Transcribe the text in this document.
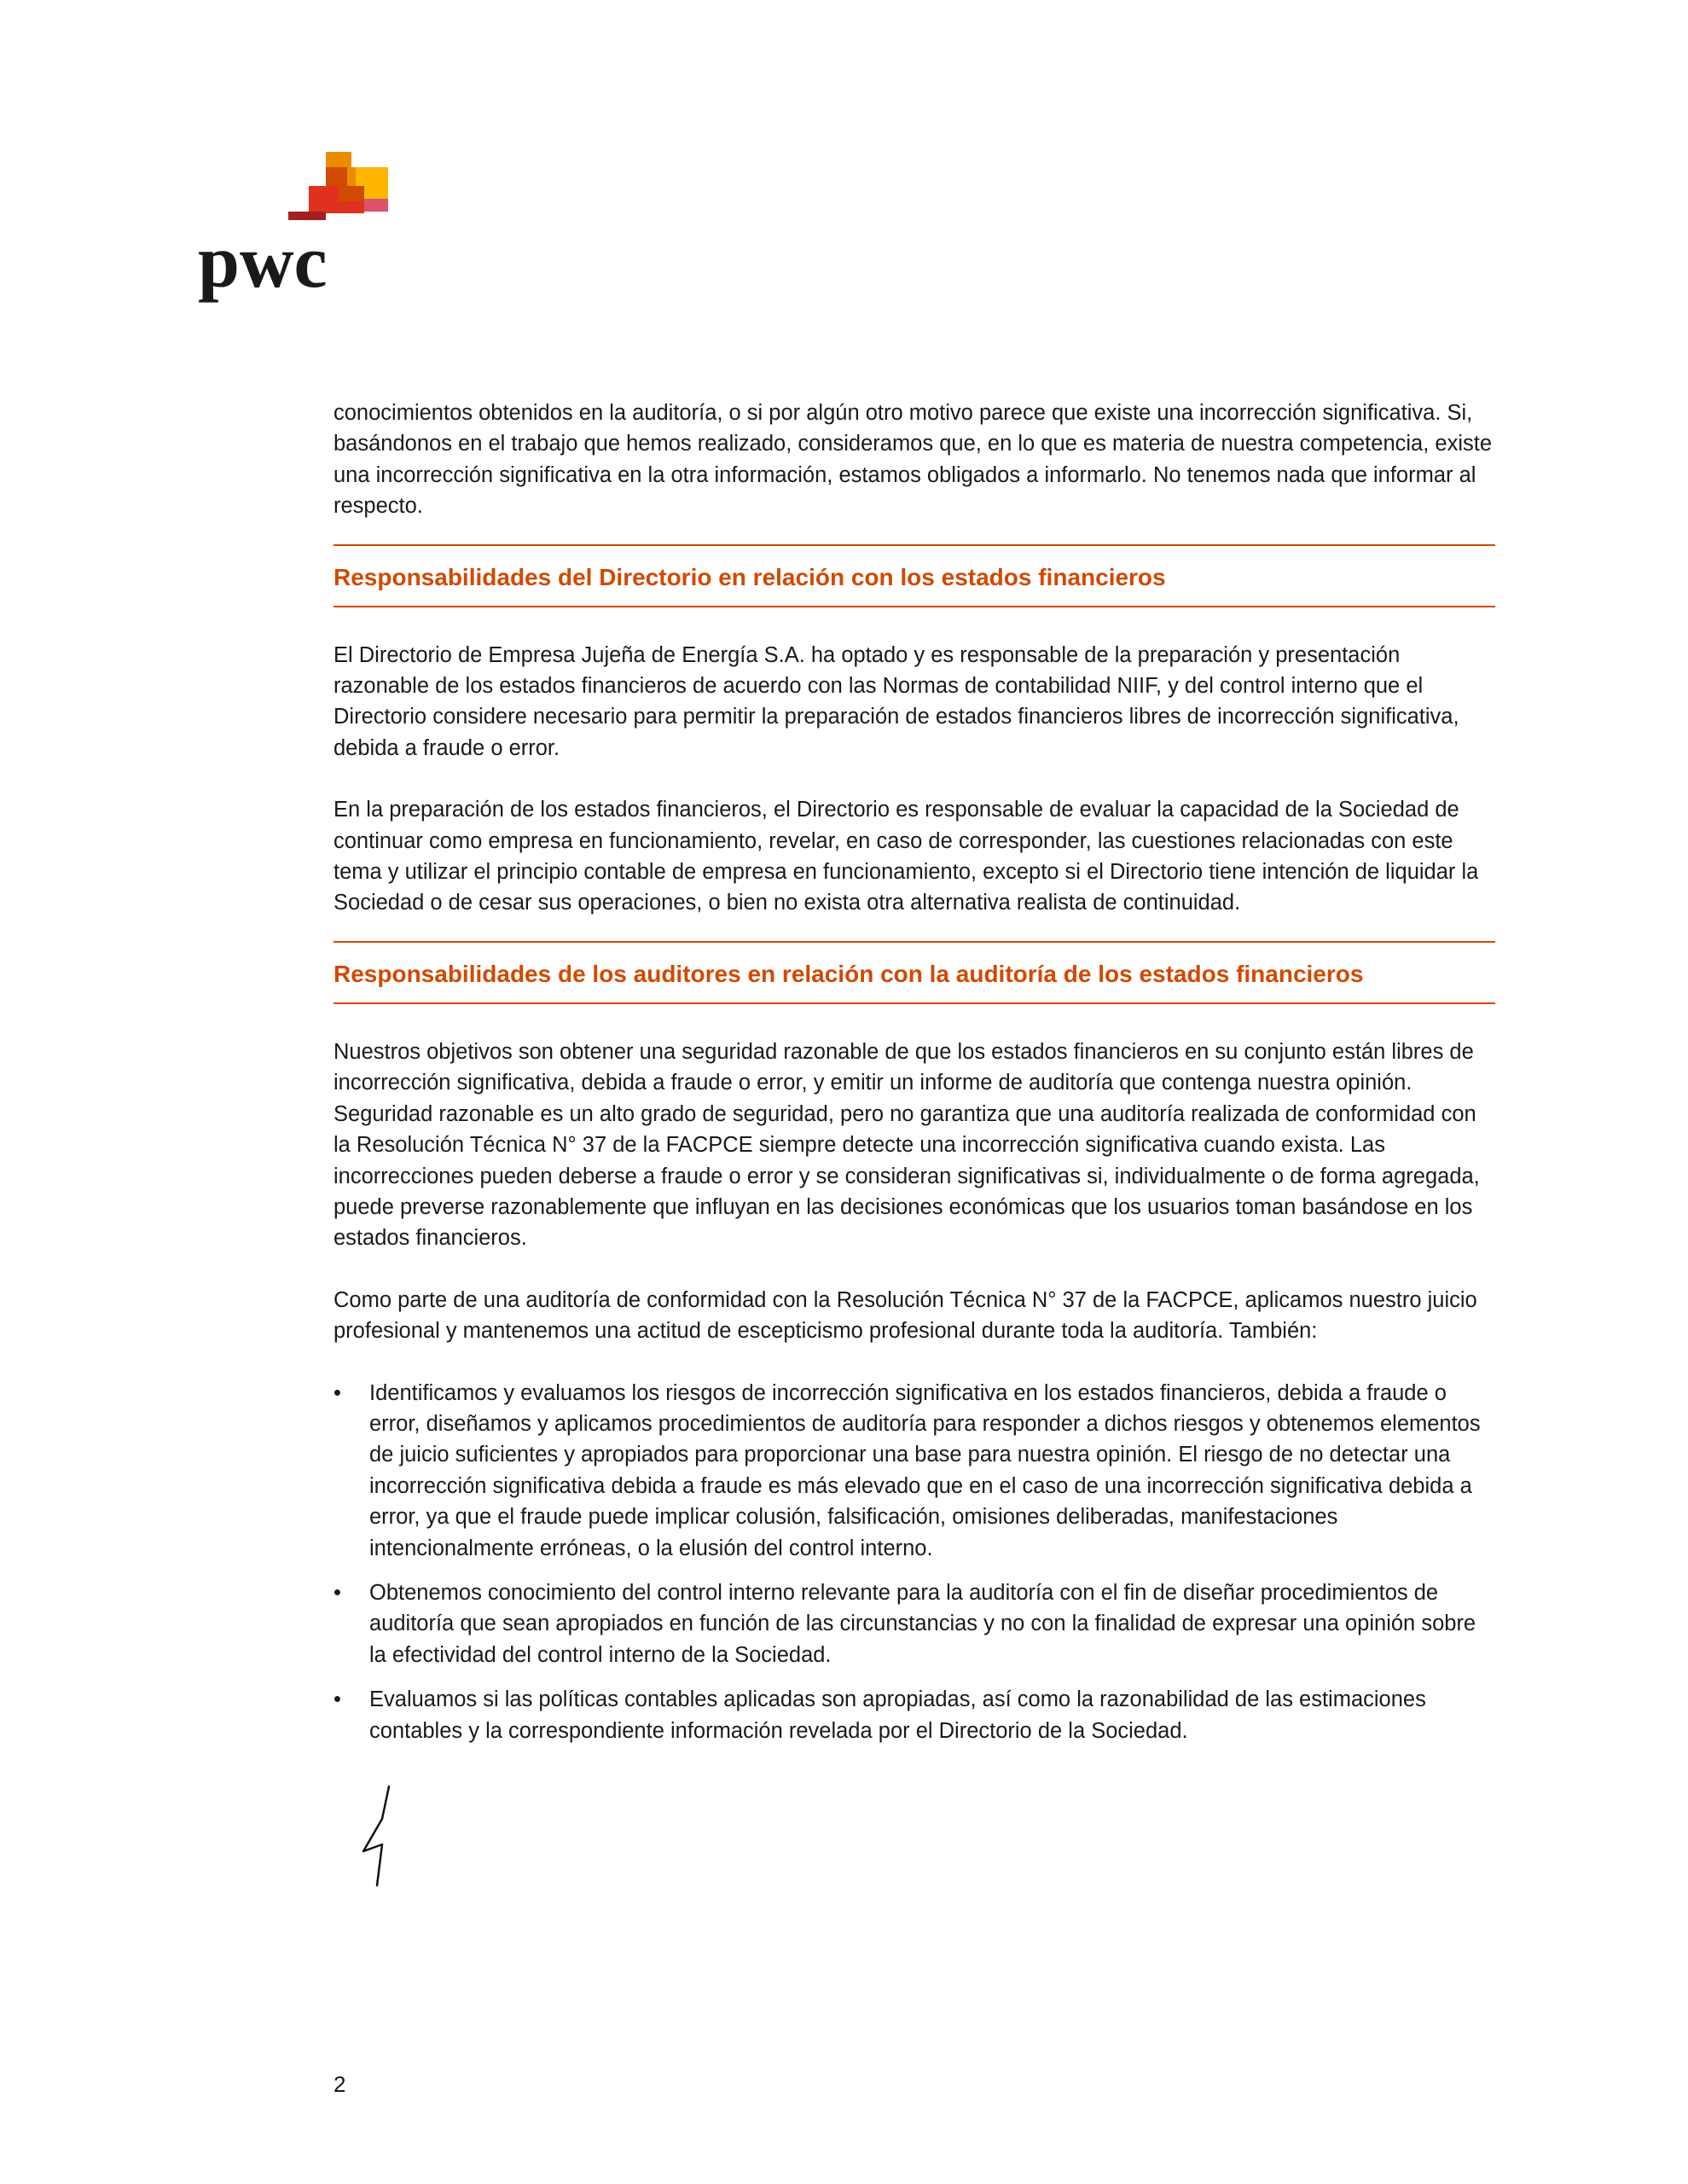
pwc

conocimientos obtenidos en la auditoría, o si por algún otro motivo parece que existe una incorrección significativa. Si, basándonos en el trabajo que hemos realizado, consideramos que, en lo que es materia de nuestra competencia, existe una incorrección significativa en la otra información, estamos obligados a informarlo. No tenemos nada que informar al respecto.

Responsabilidades del Directorio en relación con los estados financieros

El Directorio de Empresa Jujeña de Energía S.A. ha optado y es responsable de la preparación y presentación razonable de los estados financieros de acuerdo con las Normas de contabilidad NIIF, y del control interno que el Directorio considere necesario para permitir la preparación de estados financieros libres de incorrección significativa, debida a fraude o error.

En la preparación de los estados financieros, el Directorio es responsable de evaluar la capacidad de la Sociedad de continuar como empresa en funcionamiento, revelar, en caso de corresponder, las cuestiones relacionadas con este tema y utilizar el principio contable de empresa en funcionamiento, excepto si el Directorio tiene intención de liquidar la Sociedad o de cesar sus operaciones, o bien no exista otra alternativa realista de continuidad.

Responsabilidades de los auditores en relación con la auditoría de los estados financieros

Nuestros objetivos son obtener una seguridad razonable de que los estados financieros en su conjunto están libres de incorrección significativa, debida a fraude o error, y emitir un informe de auditoría que contenga nuestra opinión. Seguridad razonable es un alto grado de seguridad, pero no garantiza que una auditoría realizada de conformidad con la Resolución Técnica N° 37 de la FACPCE siempre detecte una incorrección significativa cuando exista. Las incorrecciones pueden deberse a fraude o error y se consideran significativas si, individualmente o de forma agregada, puede preverse razonablemente que influyan en las decisiones económicas que los usuarios toman basándose en los estados financieros.

Como parte de una auditoría de conformidad con la Resolución Técnica N° 37 de la FACPCE, aplicamos nuestro juicio profesional y mantenemos una actitud de escepticismo profesional durante toda la auditoría. También:

• Identificamos y evaluamos los riesgos de incorrección significativa en los estados financieros, debida a fraude o error, diseñamos y aplicamos procedimientos de auditoría para responder a dichos riesgos y obtenemos elementos de juicio suficientes y apropiados para proporcionar una base para nuestra opinión. El riesgo de no detectar una incorrección significativa debida a fraude es más elevado que en el caso de una incorrección significativa debida a error, ya que el fraude puede implicar colusión, falsificación, omisiones deliberadas, manifestaciones intencionalmente erróneas, o la elusión del control interno.
• Obtenemos conocimiento del control interno relevante para la auditoría con el fin de diseñar procedimientos de auditoría que sean apropiados en función de las circunstancias y no con la finalidad de expresar una opinión sobre la efectividad del control interno de la Sociedad.
• Evaluamos si las políticas contables aplicadas son apropiadas, así como la razonabilidad de las estimaciones contables y la correspondiente información revelada por el Directorio de la Sociedad.
2
